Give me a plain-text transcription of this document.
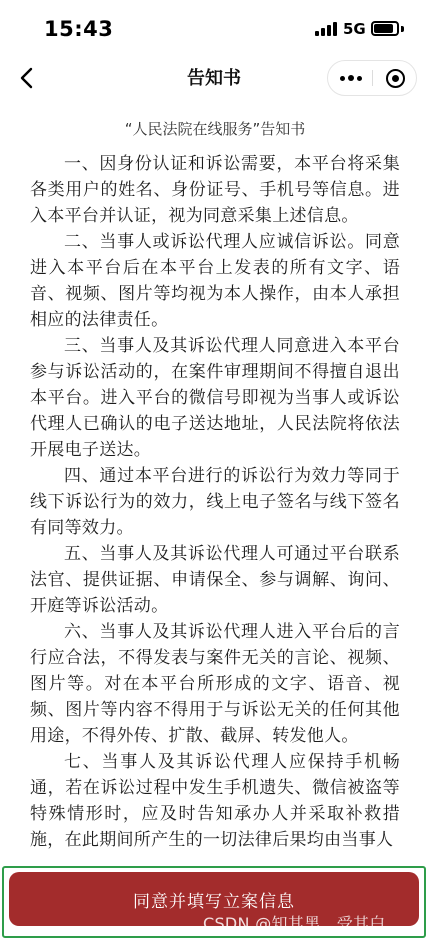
15:43	5G
告知书
“人民法院在线服务”告知书

一、因身份认证和诉讼需要，本平台将采集各类用户的姓名、身份证号、手机号等信息。进入本平台并认证，视为同意采集上述信息。

二、当事人或诉讼代理人应诚信诉讼。同意进入本平台后在本平台上发表的所有文字、语音、视频、图片等均视为本人操作，由本人承担相应的法律责任。

三、当事人及其诉讼代理人同意进入本平台参与诉讼活动的，在案件审理期间不得擅自退出本平台。进入平台的微信号即视为当事人或诉讼代理人已确认的电子送达地址，人民法院将依法开展电子送达。

四、通过本平台进行的诉讼行为效力等同于线下诉讼行为的效力，线上电子签名与线下签名有同等效力。

五、当事人及其诉讼代理人可通过平台联系法官、提供证据、申请保全、参与调解、询问、开庭等诉讼活动。

六、当事人及其诉讼代理人进入平台后的言行应合法，不得发表与案件无关的言论、视频、图片等。对在本平台所形成的文字、语音、视频、图片等内容不得用于与诉讼无关的任何其他用途，不得外传、扩散、截屏、转发他人。

七、当事人及其诉讼代理人应保持手机畅通，若在诉讼过程中发生手机遗失、微信被盗等特殊情形时，应及时告知承办人并采取补救措施，在此期间所产生的一切法律后果均由当事人

同意并填写立案信息
CSDN @知其黑、受其白
